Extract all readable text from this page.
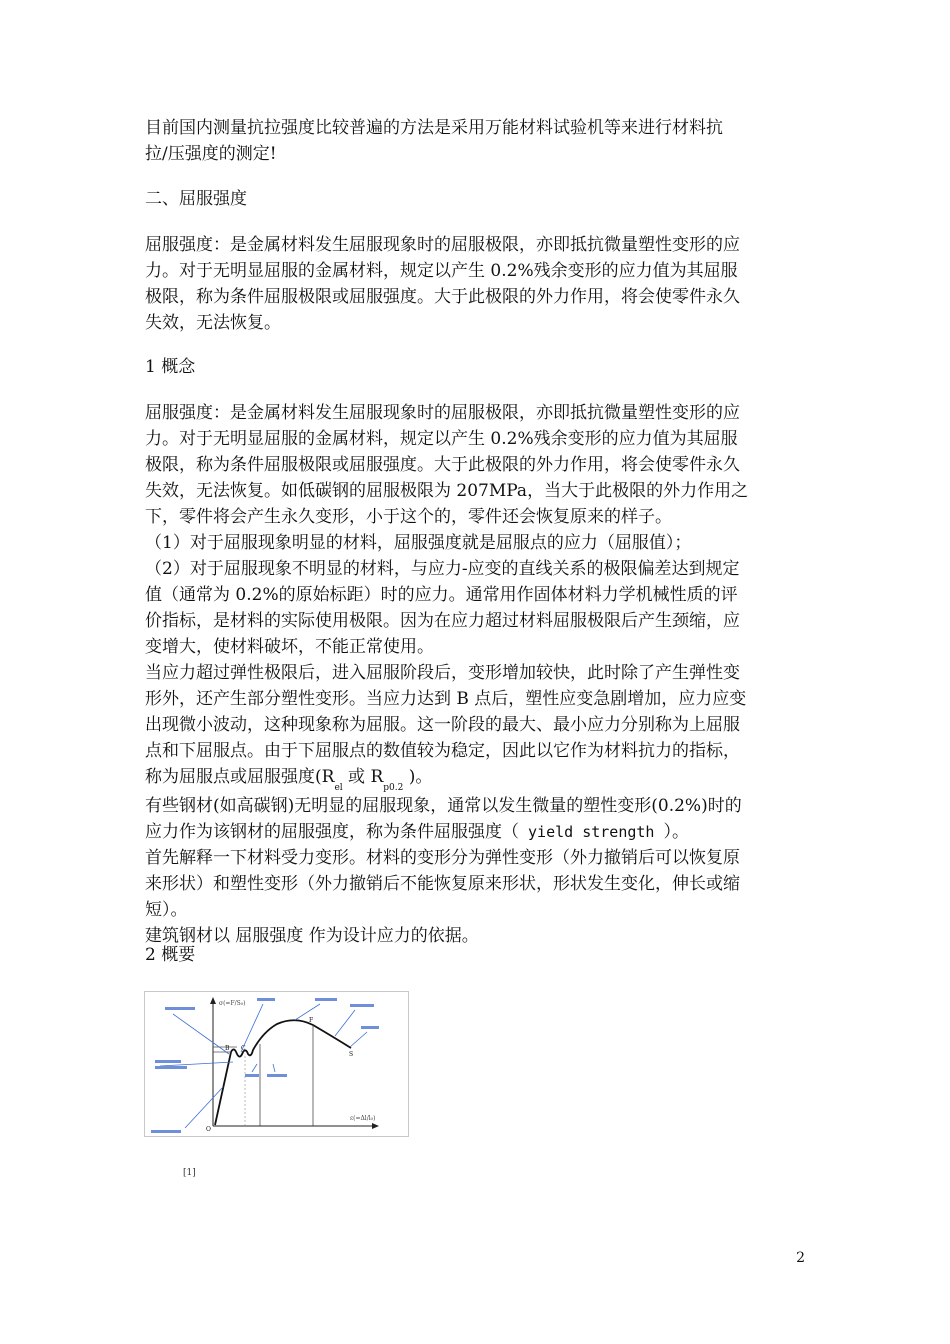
目前国内测量抗拉强度比较普遍的方法是采用万能材料试验机等来进行材料抗
拉/压强度的测定!
二、屈服强度
屈服强度：是金属材料发生屈服现象时的屈服极限，亦即抵抗微量塑性变形的应
力。对于无明显屈服的金属材料，规定以产生 0.2%残余变形的应力值为其屈服
极限，称为条件屈服极限或屈服强度。大于此极限的外力作用，将会使零件永久
失效，无法恢复。
1 概念
屈服强度：是金属材料发生屈服现象时的屈服极限，亦即抵抗微量塑性变形的应
力。对于无明显屈服的金属材料，规定以产生 0.2%残余变形的应力值为其屈服
极限，称为条件屈服极限或屈服强度。大于此极限的外力作用，将会使零件永久
失效，无法恢复。如低碳钢的屈服极限为 207MPa，当大于此极限的外力作用之
下，零件将会产生永久变形，小于这个的，零件还会恢复原来的样子。
（1）对于屈服现象明显的材料，屈服强度就是屈服点的应力（屈服值）；
（2）对于屈服现象不明显的材料，与应力-应变的直线关系的极限偏差达到规定
值（通常为 0.2%的原始标距）时的应力。通常用作固体材料力学机械性质的评
价指标，是材料的实际使用极限。因为在应力超过材料屈服极限后产生颈缩，应
变增大，使材料破坏，不能正常使用。
当应力超过弹性极限后，进入屈服阶段后，变形增加较快，此时除了产生弹性变
形外，还产生部分塑性变形。当应力达到 B 点后，塑性应变急剧增加，应力应变
出现微小波动，这种现象称为屈服。这一阶段的最大、最小应力分别称为上屈服
点和下屈服点。由于下屈服点的数值较为稳定，因此以它作为材料抗力的指标，
称为屈服点或屈服强度($R_{el}$ 或 $R_{p0.2}$ )。
有些钢材(如高碳钢)无明显的屈服现象，通常以发生微量的塑性变形(0.2%)时的
应力作为该钢材的屈服强度，称为条件屈服强度（ yield strength ）。
首先解释一下材料受力变形。材料的变形分为弹性变形（外力撤销后可以恢复原
来形状）和塑性变形（外力撤销后不能恢复原来形状，形状发生变化，伸长或缩
短）。
建筑钢材以 屈服强度 作为设计应力的依据。
2 概要
σ(=F/S₀)
ε(=Δl/l₀)
O
B C
S
F
[1]
2
